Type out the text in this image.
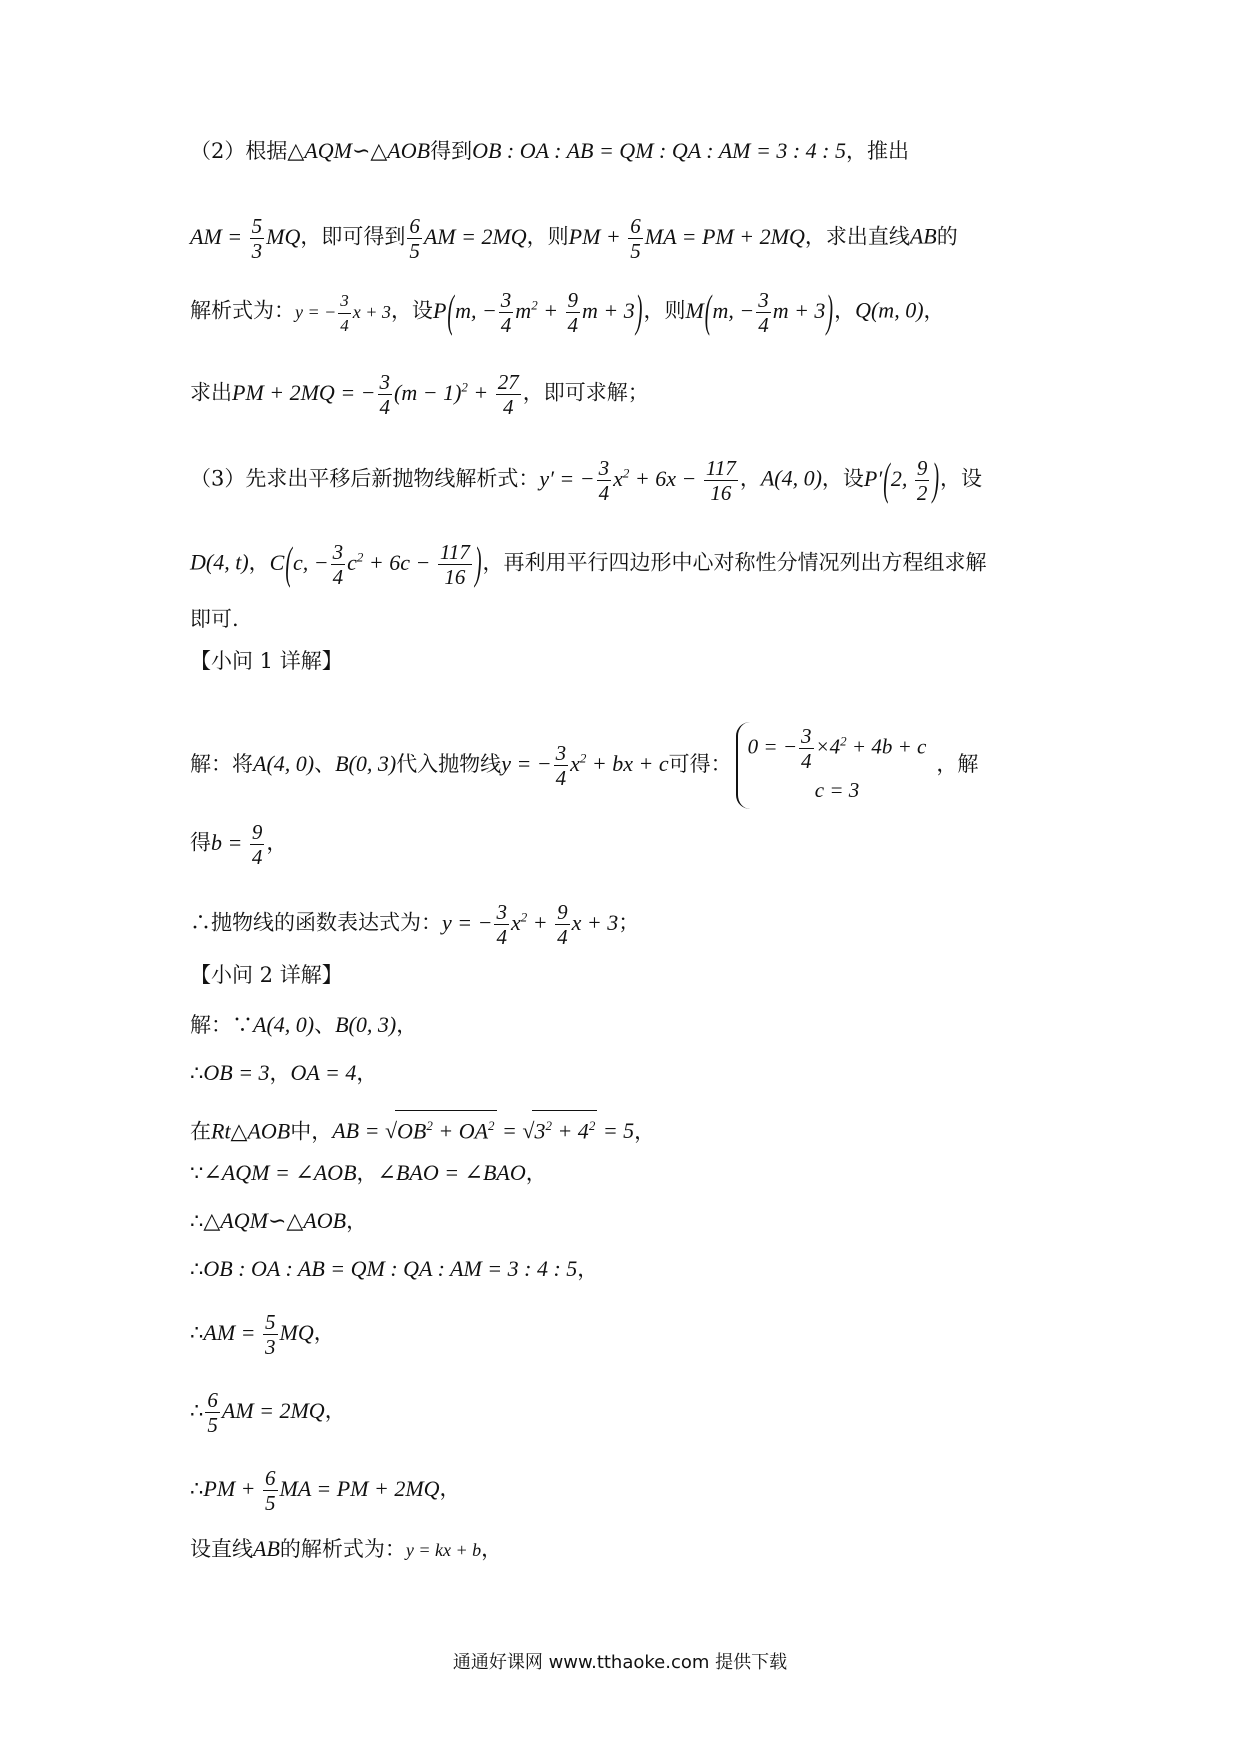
（2）根据△AQM∽△AOB得到OB : OA : AB = QM : QA : AM = 3 : 4 : 5，推出
AM = $\frac{5}{3}$ MQ，即可得到 $\frac{6}{5}$ AM = 2MQ，则PM + $\frac{6}{5}$ MA = PM + 2MQ，求出直线AB的
解析式为：y = − $\frac{3}{4}$ x + 3，设P(m, − $\frac{3}{4} m^2 + \frac{9}{4}$ m + 3)，则M(m, − $\frac{3}{4}$ m + 3)，Q(m, 0)，
求出PM + 2MQ = − $\frac{3}{4} (m - 1)^2 + \frac{27}{4}$ ，即可求解；
（3）先求出平移后新抛物线解析式：y′ = − $\frac{3}{4} x^2 + 6x - \frac{117}{16}$ ，A(4, 0)，设P′(2, $\frac{9}{2}$ )，设
D(4, t)，C(c, − $\frac{3}{4} c^2 + 6c - \frac{117}{16}$ )，再利用平行四边形中心对称性分情况列出方程组求解
即可.
【小问 1 详解】
解：将A(4, 0)、B(0, 3)代入抛物线y = − $\frac{3}{4} x^2$ + bx + c可得：
0 = − $\frac{3}{4} \times 4^2 + 4b + c$
c = 3
，解
得$b = \frac{9}{4}$ ，
∴抛物线的函数表达式为：y = − $\frac{3}{4} x^2 + \frac{9}{4}$ x + 3；
【小问 2 详解】
解：∵A(4, 0)、B(0, 3)，
∴OB = 3，OA = 4，
在Rt△AOB中，AB = $√OB^2 + OA^2 = √3^2 + 4^2 = 5$，
∵∠AQM = ∠AOB，∠BAO = ∠BAO，
∴△AQM∽△AOB，
∴OB : OA : AB = QM : QA : AM = 3 : 4 : 5，
∴AM = $\frac{5}{3}$ MQ，
∴ $\frac{6}{5}$ AM = 2MQ，
∴PM + $\frac{6}{5}$ MA = PM + 2MQ，
设直线AB的解析式为：y = kx + b，
通通好课网 www.tthaoke.com 提供下载
